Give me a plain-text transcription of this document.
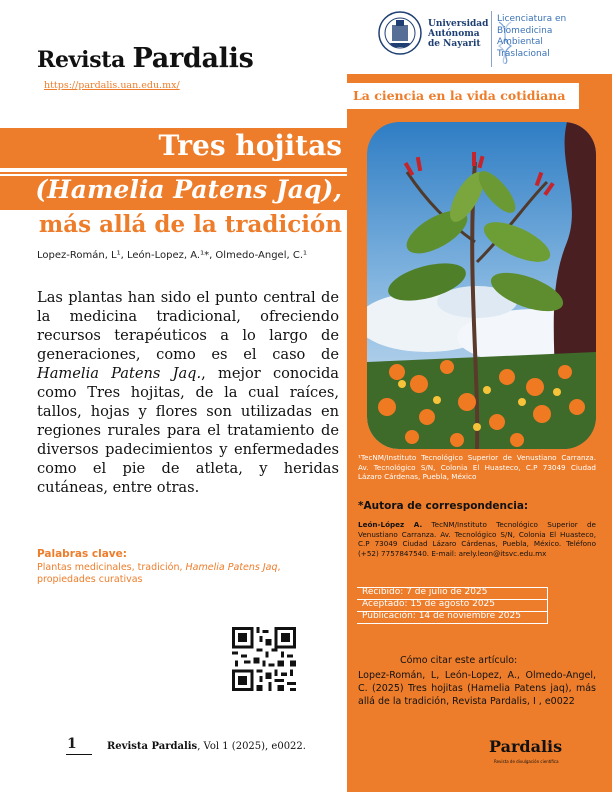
Revista Pardalis
https://pardalis.uan.edu.mx/
Universidad
Autónoma
de Nayarit
Licenciatura en
Biomedicina
Ambiental
Traslacional
La ciencia en la vida cotidiana
Tres hojitas
(Hamelia Patens Jaq),
más allá de la tradición
Lopez-Román, L¹, León-Lopez, A.¹*, Olmedo-Angel, C.¹
Las plantas han sido el punto central de la medicina tradicional, ofreciendo recursos terapéuticos a lo largo de generaciones, como es el caso de Hamelia Patens Jaq., mejor conocida como Tres hojitas, de la cual raíces, tallos, hojas y flores son utilizadas en regiones rurales para el tratamiento de diversos padecimientos y enfermedades como el pie de atleta, y heridas cutáneas, entre otras.
Palabras clave:
Plantas medicinales, tradición, Hamelia Patens Jaq, propiedades curativas
1	Revista Pardalis, Vol 1 (2025), e0022.
¹TecNM/Instituto Tecnológico Superior de Venustiano Carranza. Av. Tecnológico S/N, Colonia El Huasteco, C.P 73049 Ciudad Lázaro Cárdenas, Puebla, México
*Autora de correspondencia:
León-López A. TecNM/Instituto Tecnológico Superior de Venustiano Carranza. Av. Tecnológico S/N, Colonia El Huasteco, C.P 73049 Ciudad Lázaro Cárdenas, Puebla, México. Teléfono (+52) 7757847540. E-mail: arely.leon@itsvc.edu.mx
Recibido: 7 de julio de 2025
Aceptado: 15 de agosto 2025
Publicación: 14 de noviembre 2025
Cómo citar este artículo:
Lopez-Román, L, León-Lopez, A., Olmedo-Angel, C. (2025) Tres hojitas (Hamelia Patens jaq), más allá de la tradición, Revista Pardalis, I , e0022
Pardalis
Revista de divulgación científica
